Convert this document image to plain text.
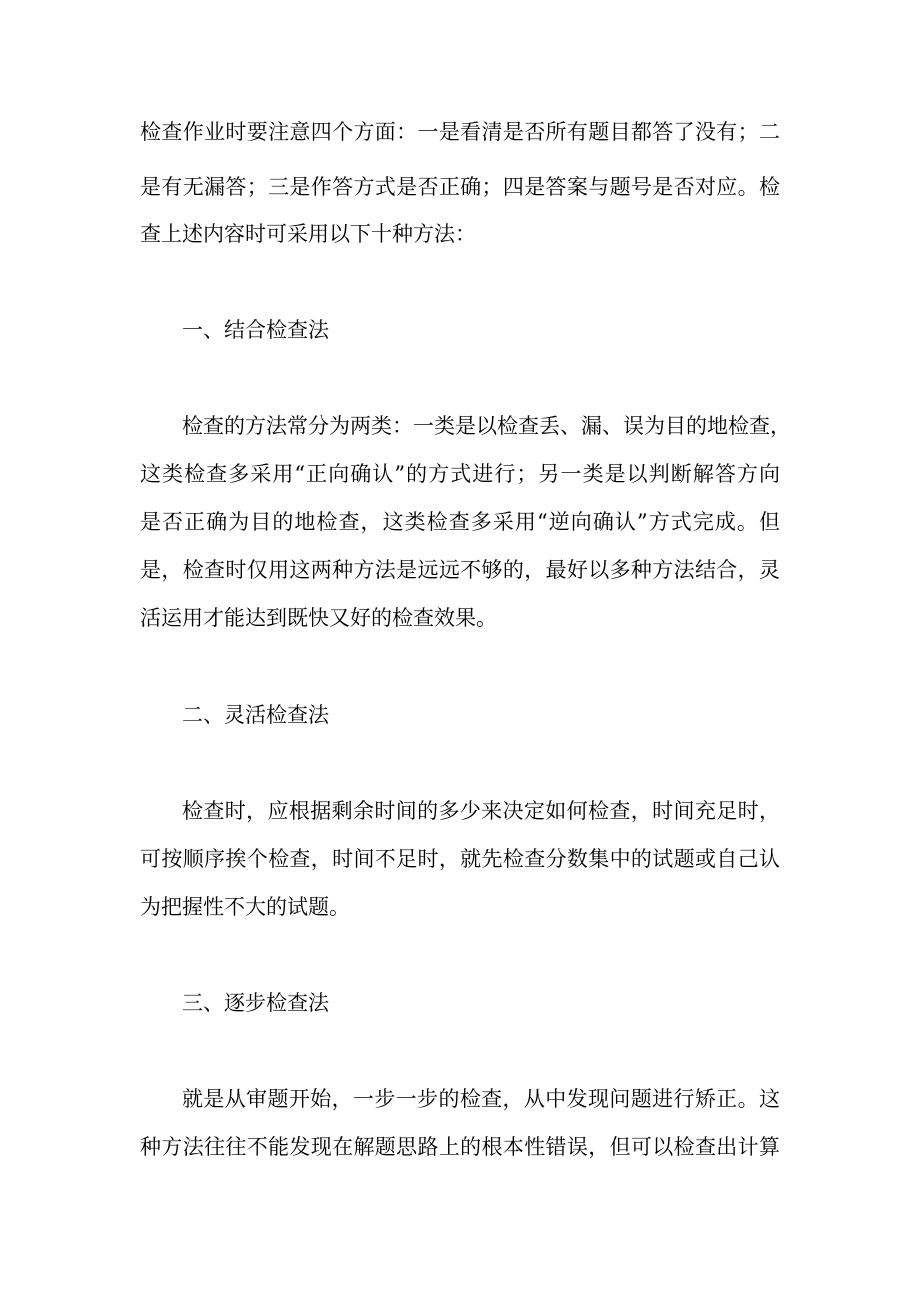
检查作业时要注意四个方面：一是看清是否所有题目都答了没有；二
是有无漏答；三是作答方式是否正确；四是答案与题号是否对应。检
查上述内容时可采用以下十种方法：
一、结合检查法
检查的方法常分为两类：一类是以检查丢、漏、误为目的地检查，
这类检查多采用“正向确认”的方式进行；另一类是以判断解答方向
是否正确为目的地检查，这类检查多采用“逆向确认”方式完成。但
是，检查时仅用这两种方法是远远不够的，最好以多种方法结合，灵
活运用才能达到既快又好的检查效果。
二、灵活检查法
检查时，应根据剩余时间的多少来决定如何检查，时间充足时，
可按顺序挨个检查，时间不足时，就先检查分数集中的试题或自己认
为把握性不大的试题。
三、逐步检查法
就是从审题开始，一步一步的检查，从中发现问题进行矫正。这
种方法往往不能发现在解题思路上的根本性错误，但可以检查出计算
